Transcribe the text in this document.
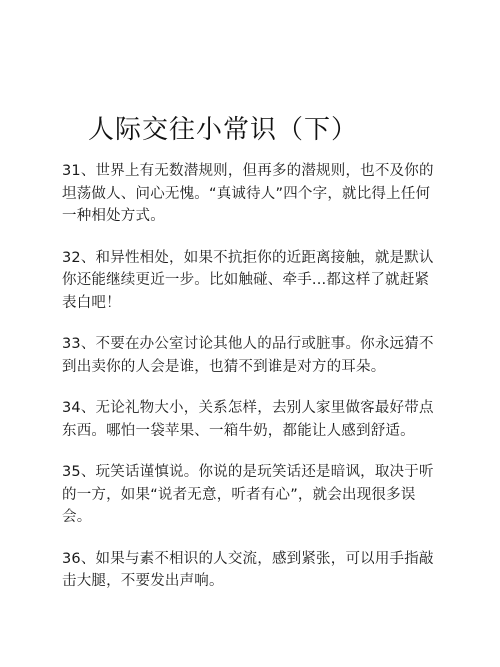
人际交往小常识（下）
31、世界上有无数潜规则，但再多的潜规则，也不及你的坦荡做人、问心无愧。“真诚待人”四个字，就比得上任何一种相处方式。
32、和异性相处，如果不抗拒你的近距离接触，就是默认你还能继续更近一步。比如触碰、牵手...都这样了就赶紧表白吧！
33、不要在办公室讨论其他人的品行或脏事。你永远猜不到出卖你的人会是谁，也猜不到谁是对方的耳朵。
34、无论礼物大小，关系怎样，去别人家里做客最好带点东西。哪怕一袋苹果、一箱牛奶，都能让人感到舒适。
35、玩笑话谨慎说。你说的是玩笑话还是暗讽，取决于听的一方，如果“说者无意，听者有心”，就会出现很多误会。
36、如果与素不相识的人交流，感到紧张，可以用手指敲击大腿，不要发出声响。
